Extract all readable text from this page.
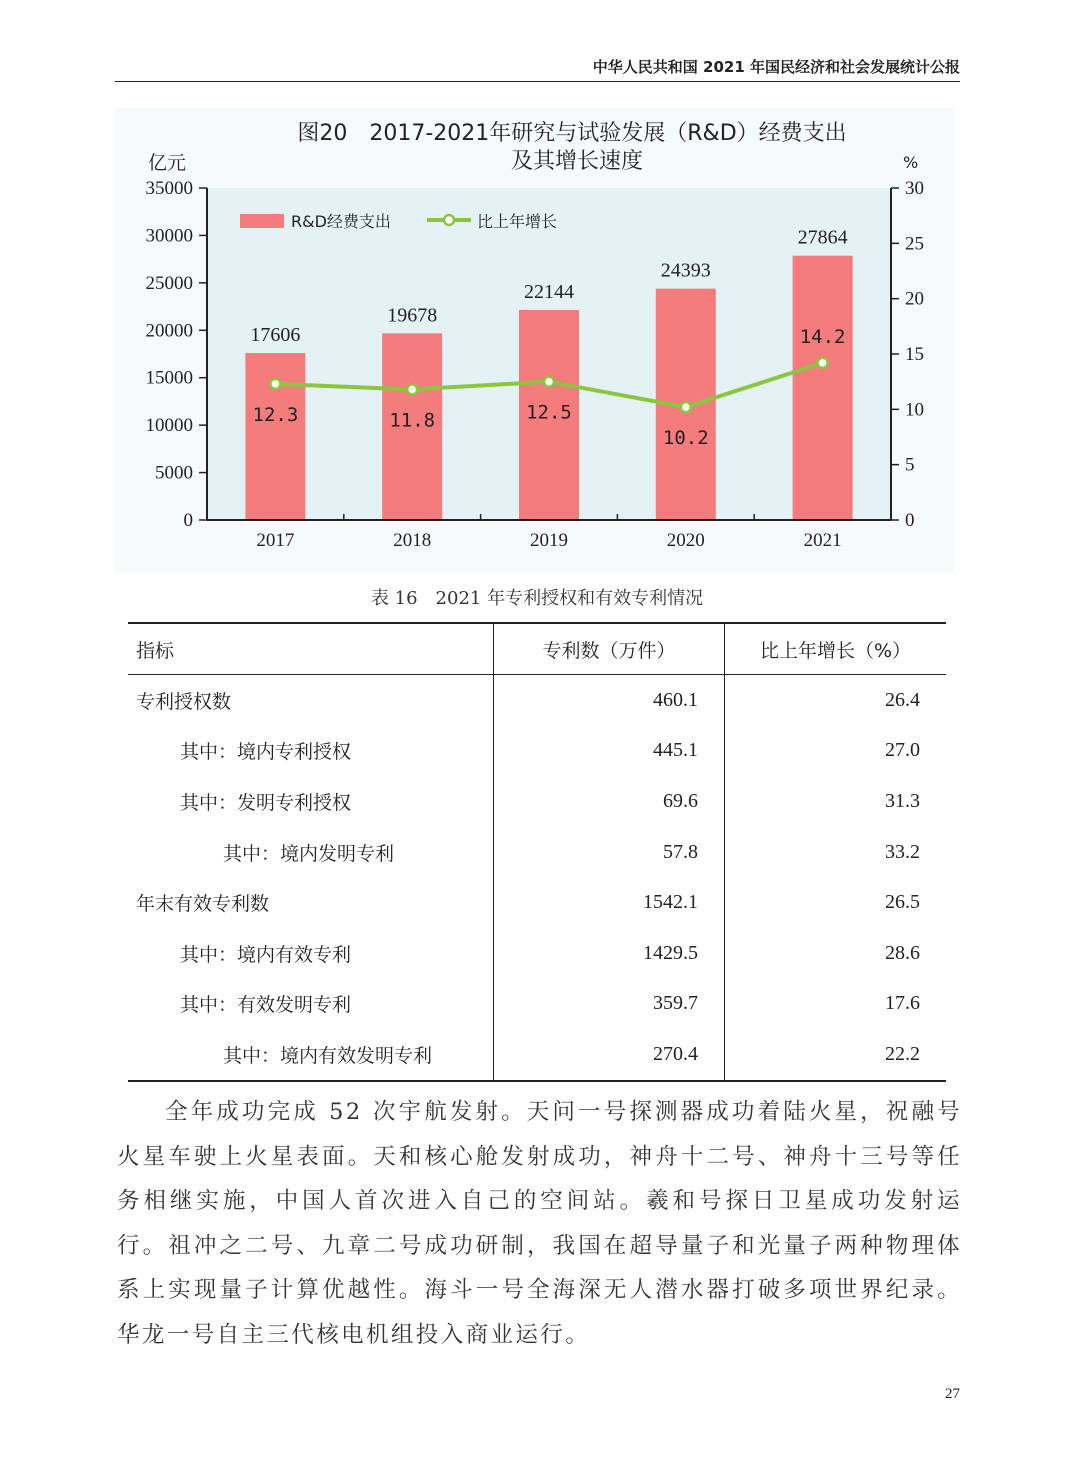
中华人民共和国 2021 年国民经济和社会发展统计公报
图20　2017-2021年研究与试验发展（R&D）经费支出
及其增长速度
亿元	%
0
5000
10000
15000
20000
25000
30000
35000
0
5
10
15
20
25
30
17606
19678
22144
24393
27864
2017	2018	2019	2020	2021
12.3	11.8	12.5
10.2
14.2
R&D经费支出	比上年增长
表 16　2021 年专利授权和有效专利情况
指标	专利数（万件）	比上年增长（%）
专利授权数	460.1	26.4
其中：境内专利授权	445.1	27.0
其中：发明专利授权	69.6	31.3
其中：境内发明专利	57.8	33.2
年末有效专利数	1542.1	26.5
其中：境内有效专利	1429.5	28.6
其中：有效发明专利	359.7	17.6
其中：境内有效发明专利	270.4	22.2
全年成功完成 52 次宇航发射。天问一号探测器成功着陆火星，祝融号火星车驶上火星表面。天和核心舱发射成功，神舟十二号、神舟十三号等任务相继实施，中国人首次进入自己的空间站。羲和号探日卫星成功发射运行。祖冲之二号、九章二号成功研制，我国在超导量子和光量子两种物理体系上实现量子计算优越性。海斗一号全海深无人潜水器打破多项世界纪录。华龙一号自主三代核电机组投入商业运行。
27
